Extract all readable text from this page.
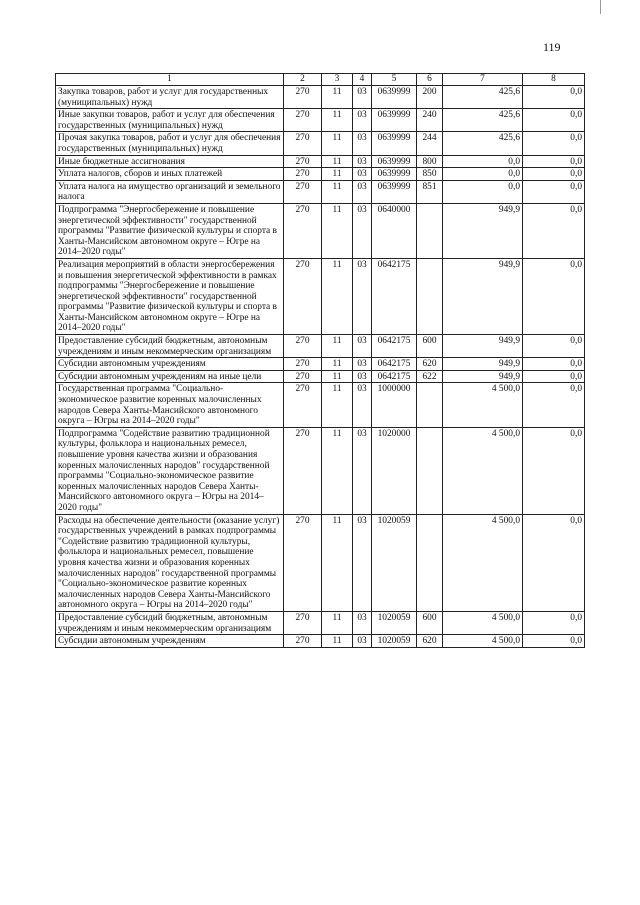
119
1	2	3	4	5	6	7	8
Закупка товаров, работ и услуг для государственных (муниципальных) нужд	270	11	03	0639999	200	425,6	0,0
Иные закупки товаров, работ и услуг для обеспечения государственных (муниципальных) нужд	270	11	03	0639999	240	425,6	0,0
Прочая закупка товаров, работ и услуг для обеспечения государственных (муниципальных) нужд	270	11	03	0639999	244	425,6	0,0
Иные бюджетные ассигнования	270	11	03	0639999	800	0,0	0,0
Уплата налогов, сборов и иных платежей	270	11	03	0639999	850	0,0	0,0
Уплата налога на имущество организаций и земельного налога	270	11	03	0639999	851	0,0	0,0
Подпрограмма "Энергосбережение и повышение энергетической эффективности" государственной программы "Развитие физической культуры и спорта в Ханты-Мансийском автономном округе – Югре на 2014–2020 годы"	270	11	03	0640000		949,9	0,0
Реализация мероприятий в области энергосбережения и повышения энергетической эффективности в рамках подпрограммы "Энергосбережение и повышение энергетической эффективности" государственной программы "Развитие физической культуры и спорта в Ханты-Мансийском автономном округе – Югре на 2014–2020 годы"	270	11	03	0642175		949,9	0,0
Предоставление субсидий бюджетным, автономным учреждениям и иным некоммерческим организациям	270	11	03	0642175	600	949,9	0,0
Субсидии автономным учреждениям	270	11	03	0642175	620	949,9	0,0
Субсидии автономным учреждениям на иные цели	270	11	03	0642175	622	949,9	0,0
Государственная программа "Социально-экономическое развитие коренных малочисленных народов Севера Ханты-Мансийского автономного округа – Югры на 2014–2020 годы"	270	11	03	1000000		4 500,0	0,0
Подпрограмма "Содействие развитию традиционной культуры, фольклора и национальных ремесел, повышение уровня качества жизни и образования коренных малочисленных народов" государственной программы "Социально-экономическое развитие коренных малочисленных народов Севера Ханты-Мансийского автономного округа – Югры на 2014–2020 годы"	270	11	03	1020000		4 500,0	0,0
Расходы на обеспечение деятельности (оказание услуг) государственных учреждений в рамках подпрограммы "Содействие развитию традиционной культуры, фольклора и национальных ремесел, повышение уровня качества жизни и образования коренных малочисленных народов" государственной программы "Социально-экономическое развитие коренных малочисленных народов Севера Ханты-Мансийского автономного округа – Югры на 2014–2020 годы"	270	11	03	1020059		4 500,0	0,0
Предоставление субсидий бюджетным, автономным учреждениям и иным некоммерческим организациям	270	11	03	1020059	600	4 500,0	0,0
Субсидии автономным учреждениям	270	11	03	1020059	620	4 500,0	0,0
